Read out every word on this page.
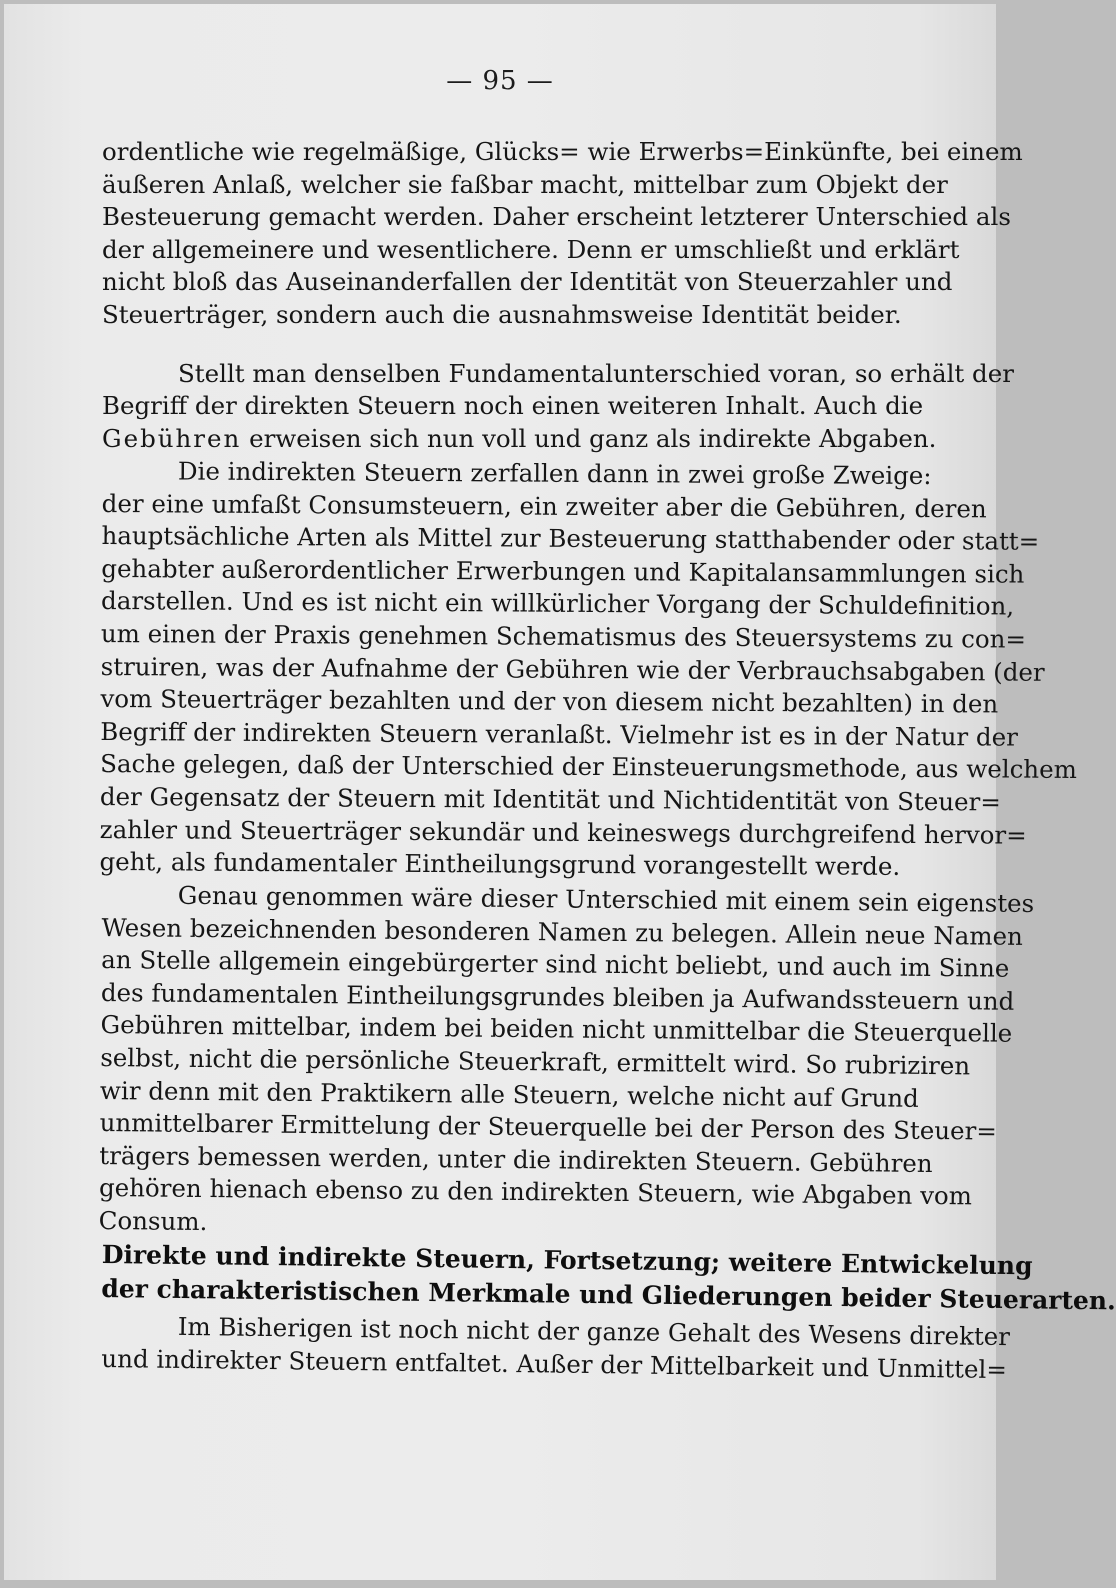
— 95 —

ordentliche wie regelmäßige, Glücks= wie Erwerbs=Einkünfte, bei einem
äußeren Anlaß, welcher sie faßbar macht, mittelbar zum Objekt der
Besteuerung gemacht werden. Daher erscheint letzterer Unterschied als
der allgemeinere und wesentlichere. Denn er umschließt und erklärt
nicht bloß das Auseinanderfallen der Identität von Steuerzahler und
Steuerträger, sondern auch die ausnahmsweise Identität beider.

Stellt man denselben Fundamentalunterschied voran, so erhält der
Begriff der direkten Steuern noch einen weiteren Inhalt. Auch die
Gebühren erweisen sich nun voll und ganz als indirekte Abgaben.

Die indirekten Steuern zerfallen dann in zwei große Zweige:
der eine umfaßt Consumsteuern, ein zweiter aber die Gebühren, deren
hauptsächliche Arten als Mittel zur Besteuerung statthabender oder statt=
gehabter außerordentlicher Erwerbungen und Kapitalansammlungen sich
darstellen. Und es ist nicht ein willkürlicher Vorgang der Schuldefinition,
um einen der Praxis genehmen Schematismus des Steuersystems zu con=
struiren, was der Aufnahme der Gebühren wie der Verbrauchsabgaben (der
vom Steuerträger bezahlten und der von diesem nicht bezahlten) in den
Begriff der indirekten Steuern veranlaßt. Vielmehr ist es in der Natur der
Sache gelegen, daß der Unterschied der Einsteuerungsmethode, aus welchem
der Gegensatz der Steuern mit Identität und Nichtidentität von Steuer=
zahler und Steuerträger sekundär und keineswegs durchgreifend hervor=
geht, als fundamentaler Eintheilungsgrund vorangestellt werde.

Genau genommen wäre dieser Unterschied mit einem sein eigenstes
Wesen bezeichnenden besonderen Namen zu belegen. Allein neue Namen
an Stelle allgemein eingebürgerter sind nicht beliebt, und auch im Sinne
des fundamentalen Eintheilungsgrundes bleiben ja Aufwandssteuern und
Gebühren mittelbar, indem bei beiden nicht unmittelbar die Steuerquelle
selbst, nicht die persönliche Steuerkraft, ermittelt wird. So rubriziren
wir denn mit den Praktikern alle Steuern, welche nicht auf Grund
unmittelbarer Ermittelung der Steuerquelle bei der Person des Steuer=
trägers bemessen werden, unter die indirekten Steuern. Gebühren
gehören hienach ebenso zu den indirekten Steuern, wie Abgaben vom
Consum.

Direkte und indirekte Steuern, Fortsetzung; weitere Entwickelung
der charakteristischen Merkmale und Gliederungen beider Steuerarten.

Im Bisherigen ist noch nicht der ganze Gehalt des Wesens direkter
und indirekter Steuern entfaltet. Außer der Mittelbarkeit und Unmittel=
